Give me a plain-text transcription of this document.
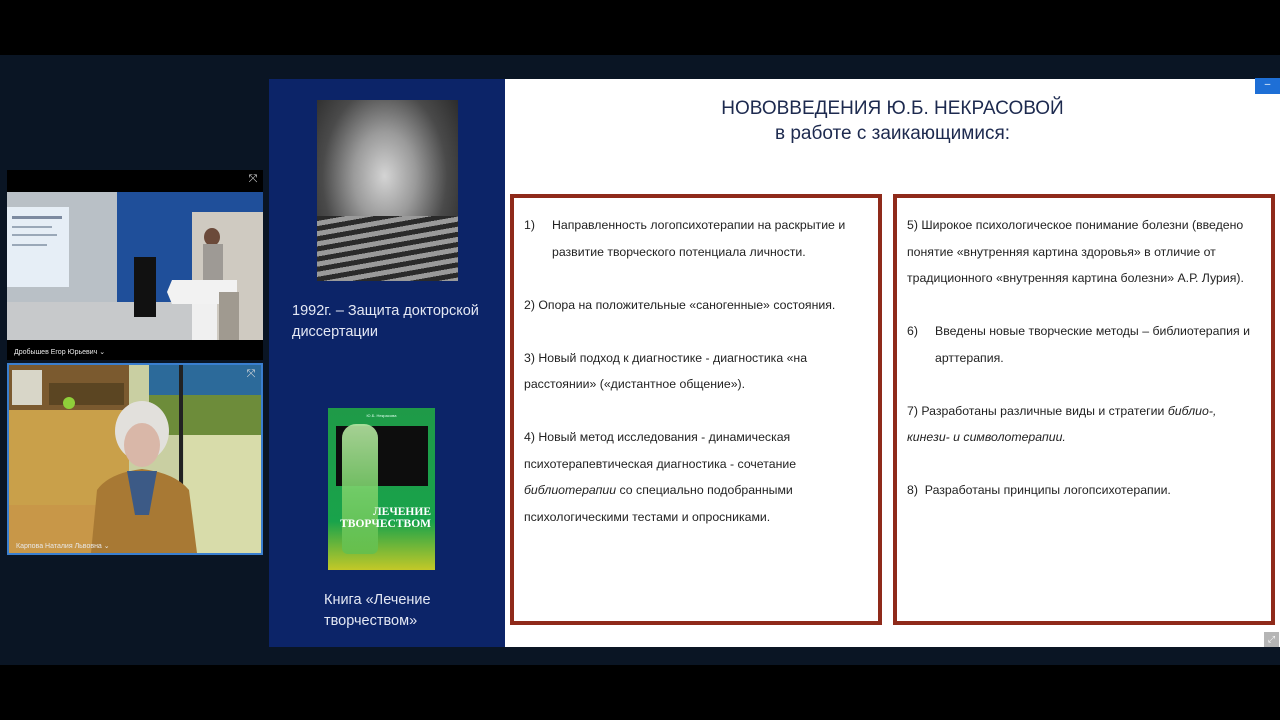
⤧
Дробышев Егор Юрьевич ⌄
⤧
Карпова Наталия Львовна ⌄
1992г. – Защита докторской диссертации
Ю.Б. Некрасова
ЛЕЧЕНИЕ
ТВОРЧЕСТВОМ
Книга «Лечение творчеством»
НОВОВВЕДЕНИЯ Ю.Б. НЕКРАСОВОЙ
в работе с заикающимися:
1) Направленность логопсихотерапии на раскрытие и развитие творческого потенциала личности.
2) Опора на положительные «саногенные» состояния.
3) Новый подход к диагностике - диагностика «на расстоянии» («дистантное общение»).
4) Новый метод исследования - динамическая психотерапевтическая диагностика - сочетание библиотерапии со специально подобранными психологическими тестами и опросниками.
5) Широкое психологическое понимание болезни (введено понятие «внутренняя картина здоровья» в отличие от традиционного «внутренняя картина болезни» А.Р. Лурия).
6) Введены новые творческие методы – библиотерапия и арттерапия.
7) Разработаны различные виды и стратегии библио-, кинези- и символотерапии.
8) Разработаны принципы логопсихотерапии.
–
⤢
